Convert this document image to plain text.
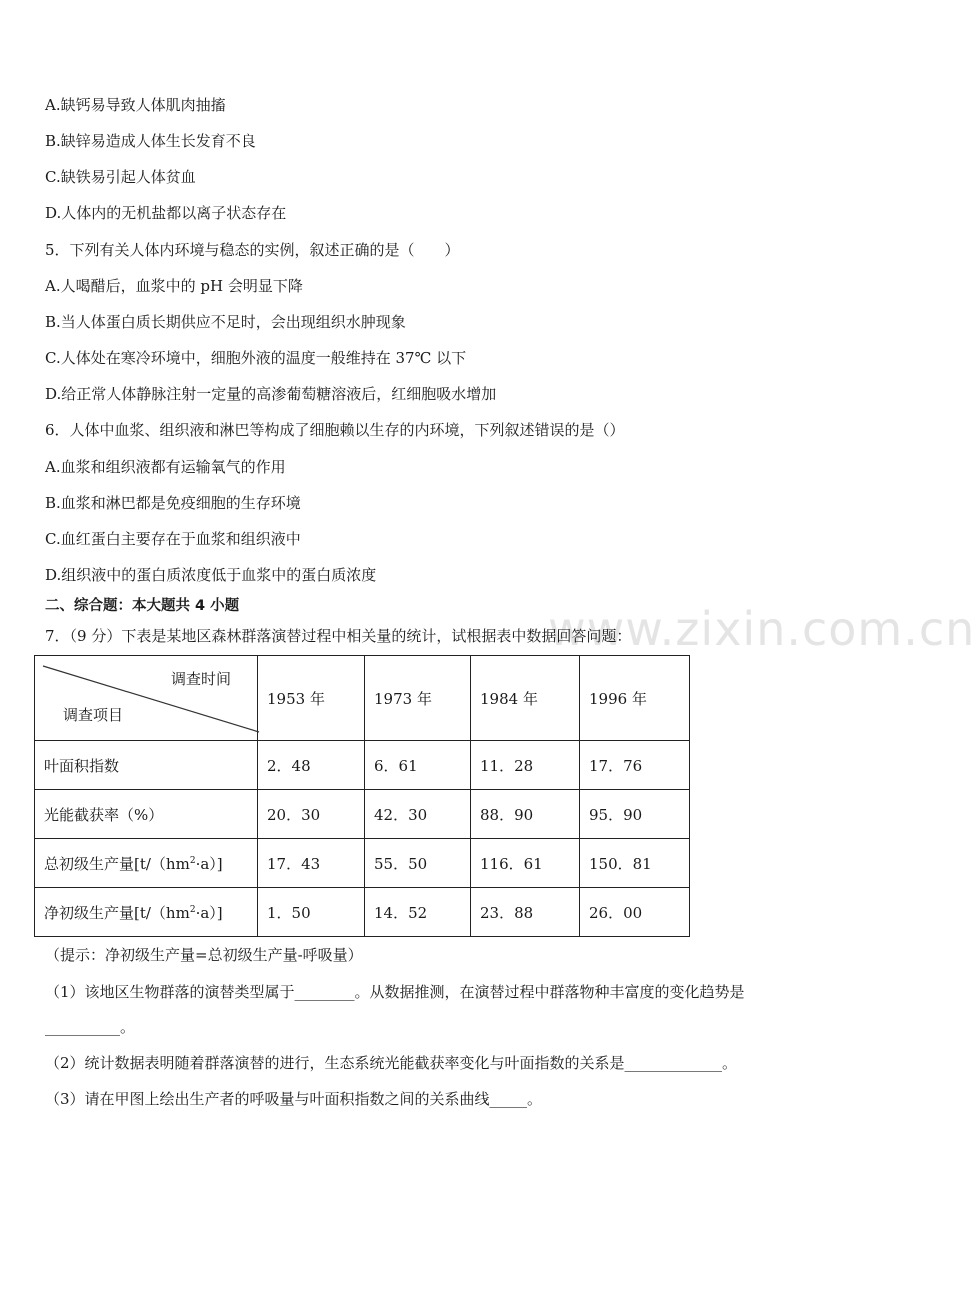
www.zixin.com.cn
A.缺钙易导致人体肌肉抽搐
B.缺锌易造成人体生长发育不良
C.缺铁易引起人体贫血
D.人体内的无机盐都以离子状态存在
5．下列有关人体内环境与稳态的实例，叙述正确的是（　　）
A.人喝醋后，血浆中的 pH 会明显下降
B.当人体蛋白质长期供应不足时，会出现组织水肿现象
C.人体处在寒冷环境中，细胞外液的温度一般维持在 37℃ 以下
D.给正常人体静脉注射一定量的高渗葡萄糖溶液后，红细胞吸水增加
6．人体中血浆、组织液和淋巴等构成了细胞赖以生存的内环境，下列叙述错误的是（）
A.血浆和组织液都有运输氧气的作用
B.血浆和淋巴都是免疫细胞的生存环境
C.血红蛋白主要存在于血浆和组织液中
D.组织液中的蛋白质浓度低于血浆中的蛋白质浓度
二、综合题：本大题共 4 小题
7．（9 分）下表是某地区森林群落演替过程中相关量的统计，试根据表中数据回答问题：
调查时间
调查项目	1953 年	1973 年	1984 年	1996 年
叶面积指数	2．48	6．61	11．28	17．76
光能截获率（%）	20．30	42．30	88．90	95．90
总初级生产量$[t/(hm^2\cdot a)]$	17．43	55．50	116．61	150．81
净初级生产量$[t/(hm^2\cdot a)]$	1．50	14．52	23．88	26．00
（提示：净初级生产量=总初级生产量-呼吸量）
（1）该地区生物群落的演替类型属于________。从数据推测，在演替过程中群落物种丰富度的变化趋势是
__________。
（2）统计数据表明随着群落演替的进行，生态系统光能截获率变化与叶面指数的关系是_____________。
（3）请在甲图上绘出生产者的呼吸量与叶面积指数之间的关系曲线_____。
